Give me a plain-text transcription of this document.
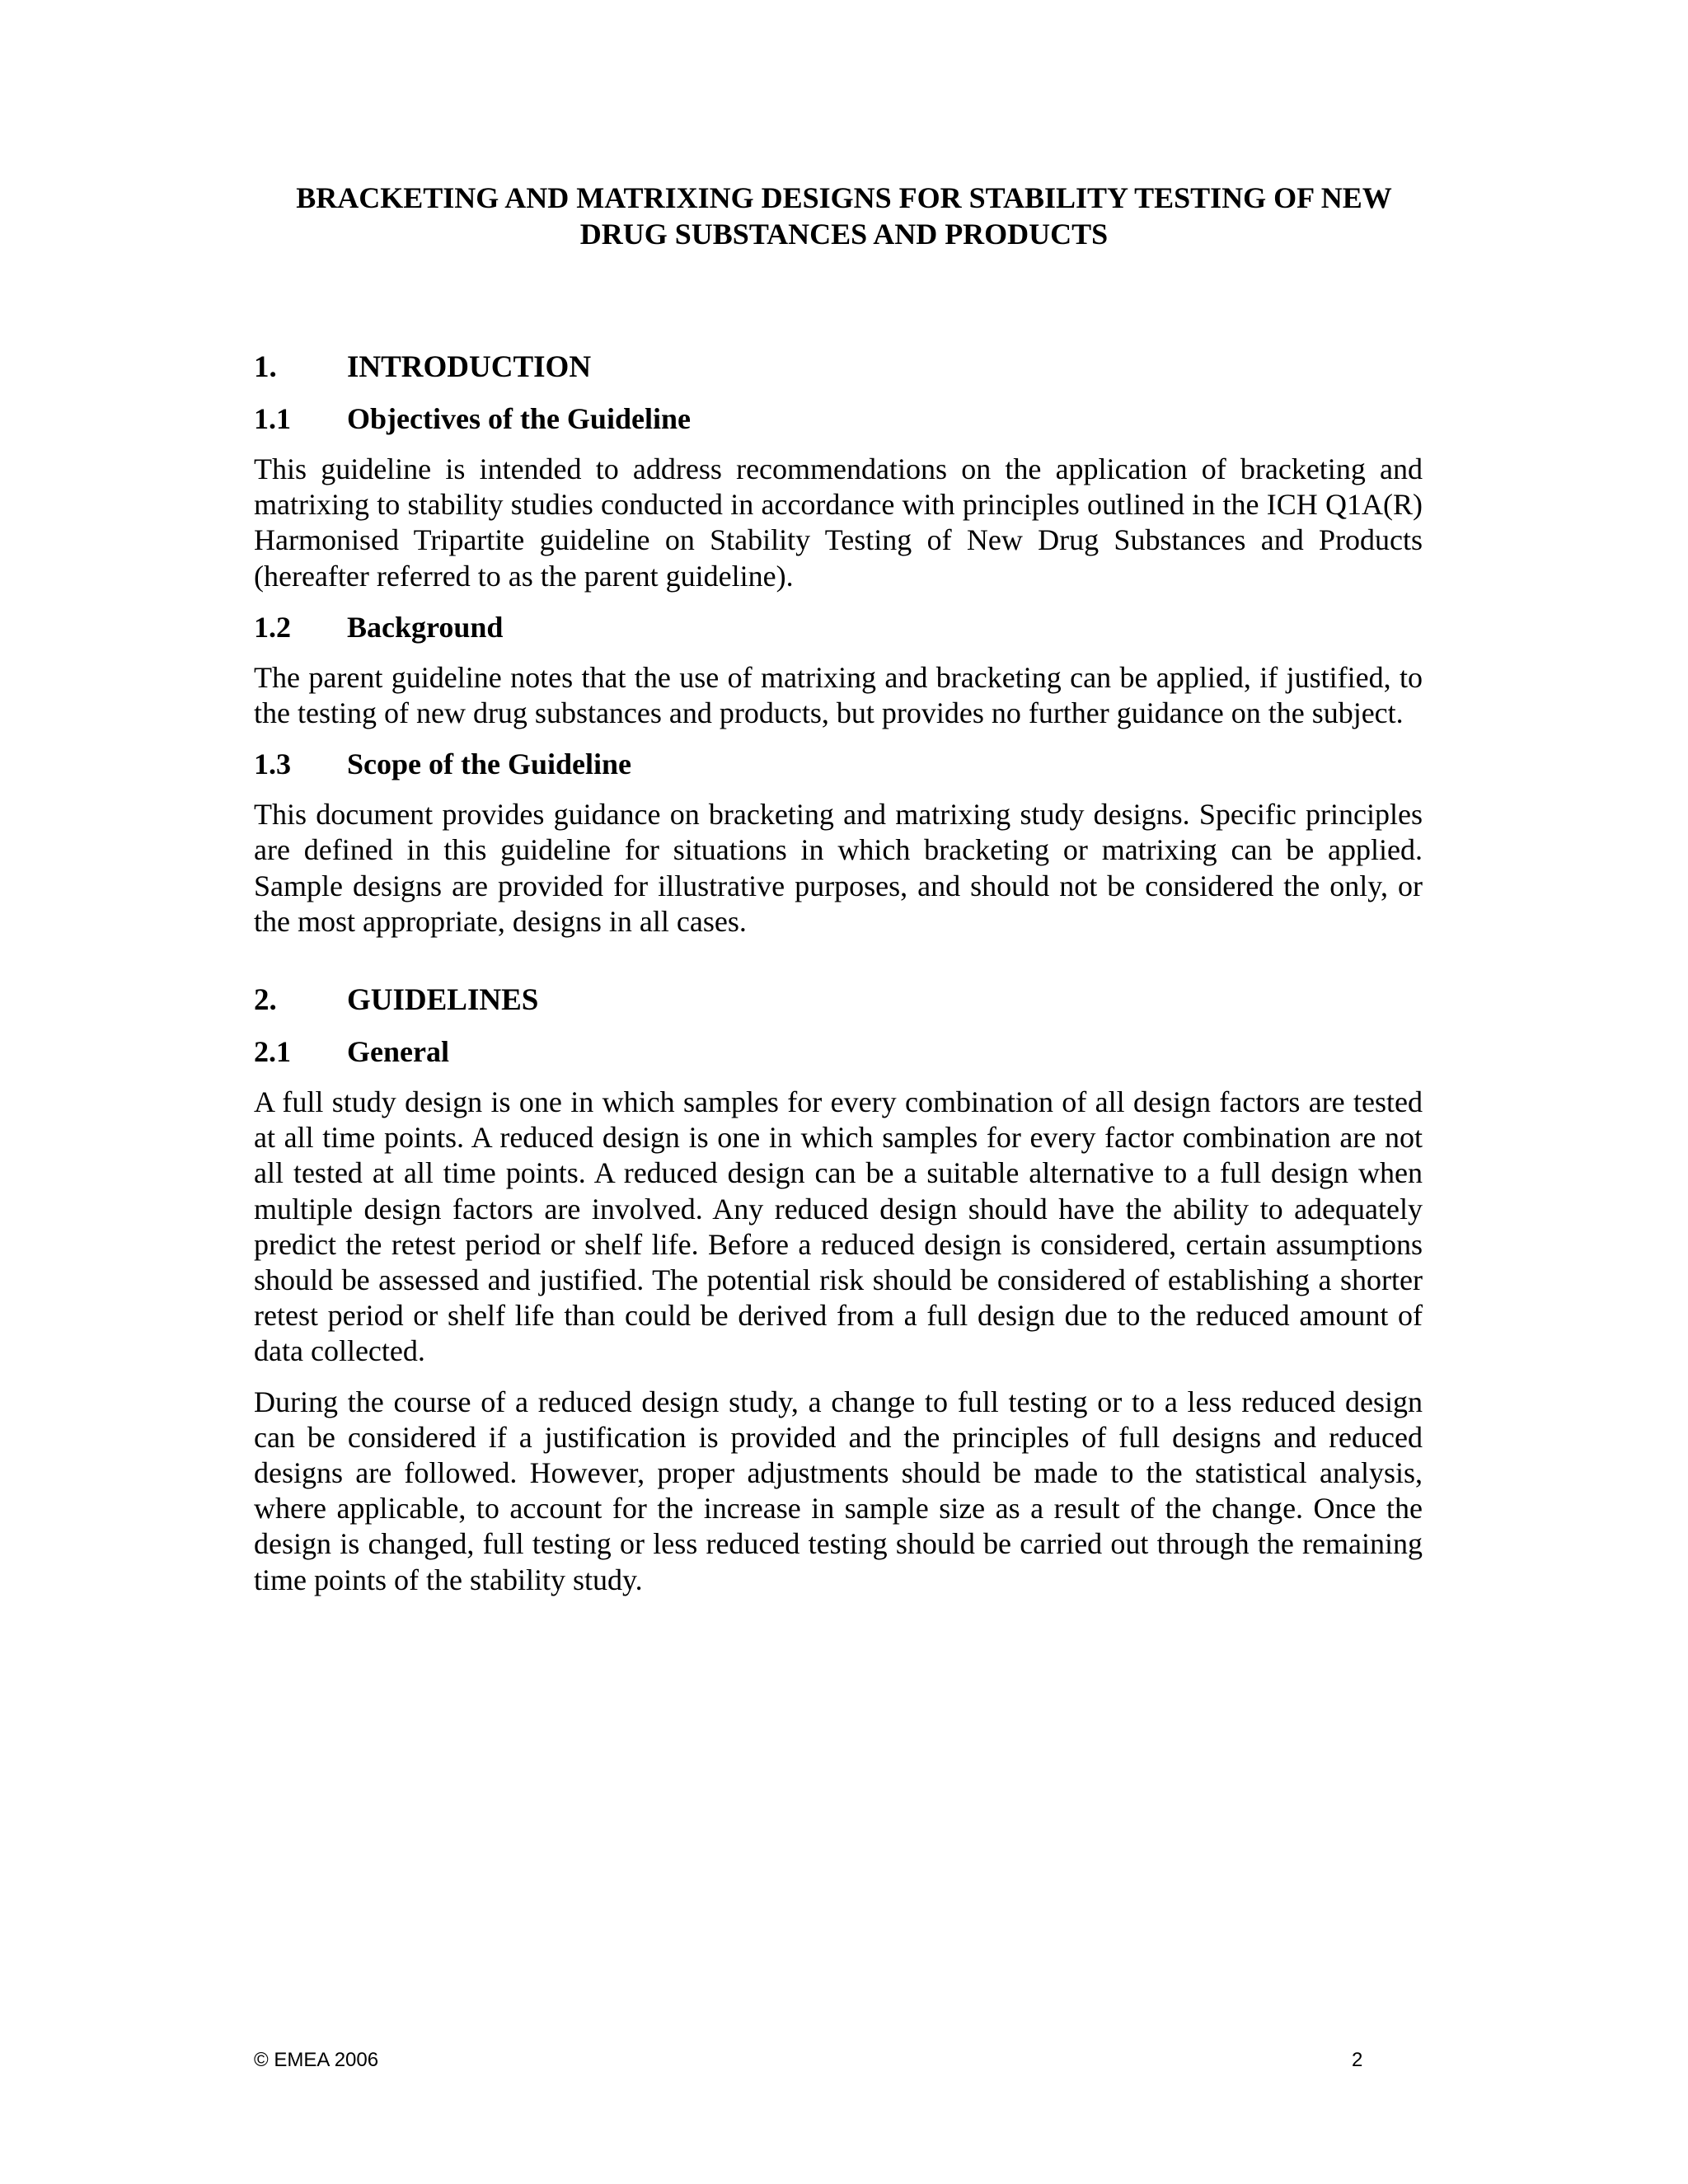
BRACKETING AND MATRIXING DESIGNS FOR STABILITY TESTING OF NEW
DRUG SUBSTANCES AND PRODUCTS
1.	INTRODUCTION
1.1	Objectives of the Guideline

This guideline is intended to address recommendations on the application of bracketing and matrixing to stability studies conducted in accordance with principles outlined in the ICH Q1A(R) Harmonised Tripartite guideline on Stability Testing of New Drug Substances and Products (hereafter referred to as the parent guideline).

1.2	Background

The parent guideline notes that the use of matrixing and bracketing can be applied, if justified, to the testing of new drug substances and products, but provides no further guidance on the subject.

1.3	Scope of the Guideline

This document provides guidance on bracketing and matrixing study designs. Specific principles are defined in this guideline for situations in which bracketing or matrixing can be applied. Sample designs are provided for illustrative purposes, and should not be considered the only, or the most appropriate, designs in all cases.

2.	GUIDELINES
2.1	General

A full study design is one in which samples for every combination of all design factors are tested at all time points. A reduced design is one in which samples for every factor combination are not all tested at all time points. A reduced design can be a suitable alternative to a full design when multiple design factors are involved. Any reduced design should have the ability to adequately predict the retest period or shelf life. Before a reduced design is considered, certain assumptions should be assessed and justified. The potential risk should be considered of establishing a shorter retest period or shelf life than could be derived from a full design due to the reduced amount of data collected.

During the course of a reduced design study, a change to full testing or to a less reduced design can be considered if a justification is provided and the principles of full designs and reduced designs are followed. However, proper adjustments should be made to the statistical analysis, where applicable, to account for the increase in sample size as a result of the change. Once the design is changed, full testing or less reduced testing should be carried out through the remaining time points of the stability study.

© EMEA 2006	2
